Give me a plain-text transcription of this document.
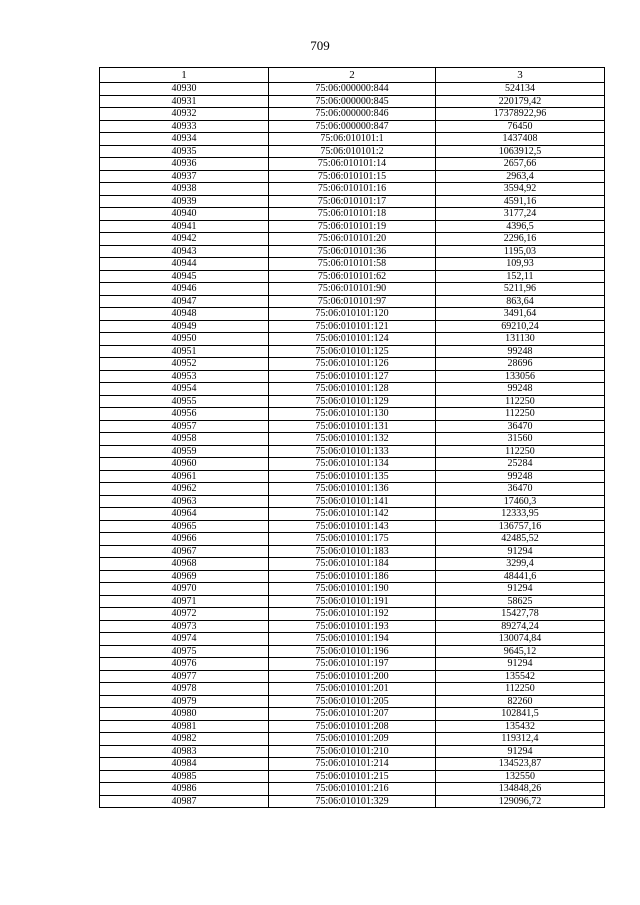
709
1	2	3
40930	75:06:000000:844	524134
40931	75:06:000000:845	220179,42
40932	75:06:000000:846	17378922,96
40933	75:06:000000:847	76450
40934	75:06:010101:1	1437408
40935	75:06:010101:2	1063912,5
40936	75:06:010101:14	2657,66
40937	75:06:010101:15	2963,4
40938	75:06:010101:16	3594,92
40939	75:06:010101:17	4591,16
40940	75:06:010101:18	3177,24
40941	75:06:010101:19	4396,5
40942	75:06:010101:20	2296,16
40943	75:06:010101:36	1195,03
40944	75:06:010101:58	109,93
40945	75:06:010101:62	152,11
40946	75:06:010101:90	5211,96
40947	75:06:010101:97	863,64
40948	75:06:010101:120	3491,64
40949	75:06:010101:121	69210,24
40950	75:06:010101:124	131130
40951	75:06:010101:125	99248
40952	75:06:010101:126	28696
40953	75:06:010101:127	133056
40954	75:06:010101:128	99248
40955	75:06:010101:129	112250
40956	75:06:010101:130	112250
40957	75:06:010101:131	36470
40958	75:06:010101:132	31560
40959	75:06:010101:133	112250
40960	75:06:010101:134	25284
40961	75:06:010101:135	99248
40962	75:06:010101:136	36470
40963	75:06:010101:141	17460,3
40964	75:06:010101:142	12333,95
40965	75:06:010101:143	136757,16
40966	75:06:010101:175	42485,52
40967	75:06:010101:183	91294
40968	75:06:010101:184	3299,4
40969	75:06:010101:186	48441,6
40970	75:06:010101:190	91294
40971	75:06:010101:191	58625
40972	75:06:010101:192	15427,78
40973	75:06:010101:193	89274,24
40974	75:06:010101:194	130074,84
40975	75:06:010101:196	9645,12
40976	75:06:010101:197	91294
40977	75:06:010101:200	135542
40978	75:06:010101:201	112250
40979	75:06:010101:205	82260
40980	75:06:010101:207	102841,5
40981	75:06:010101:208	135432
40982	75:06:010101:209	119312,4
40983	75:06:010101:210	91294
40984	75:06:010101:214	134523,87
40985	75:06:010101:215	132550
40986	75:06:010101:216	134848,26
40987	75:06:010101:329	129096,72
